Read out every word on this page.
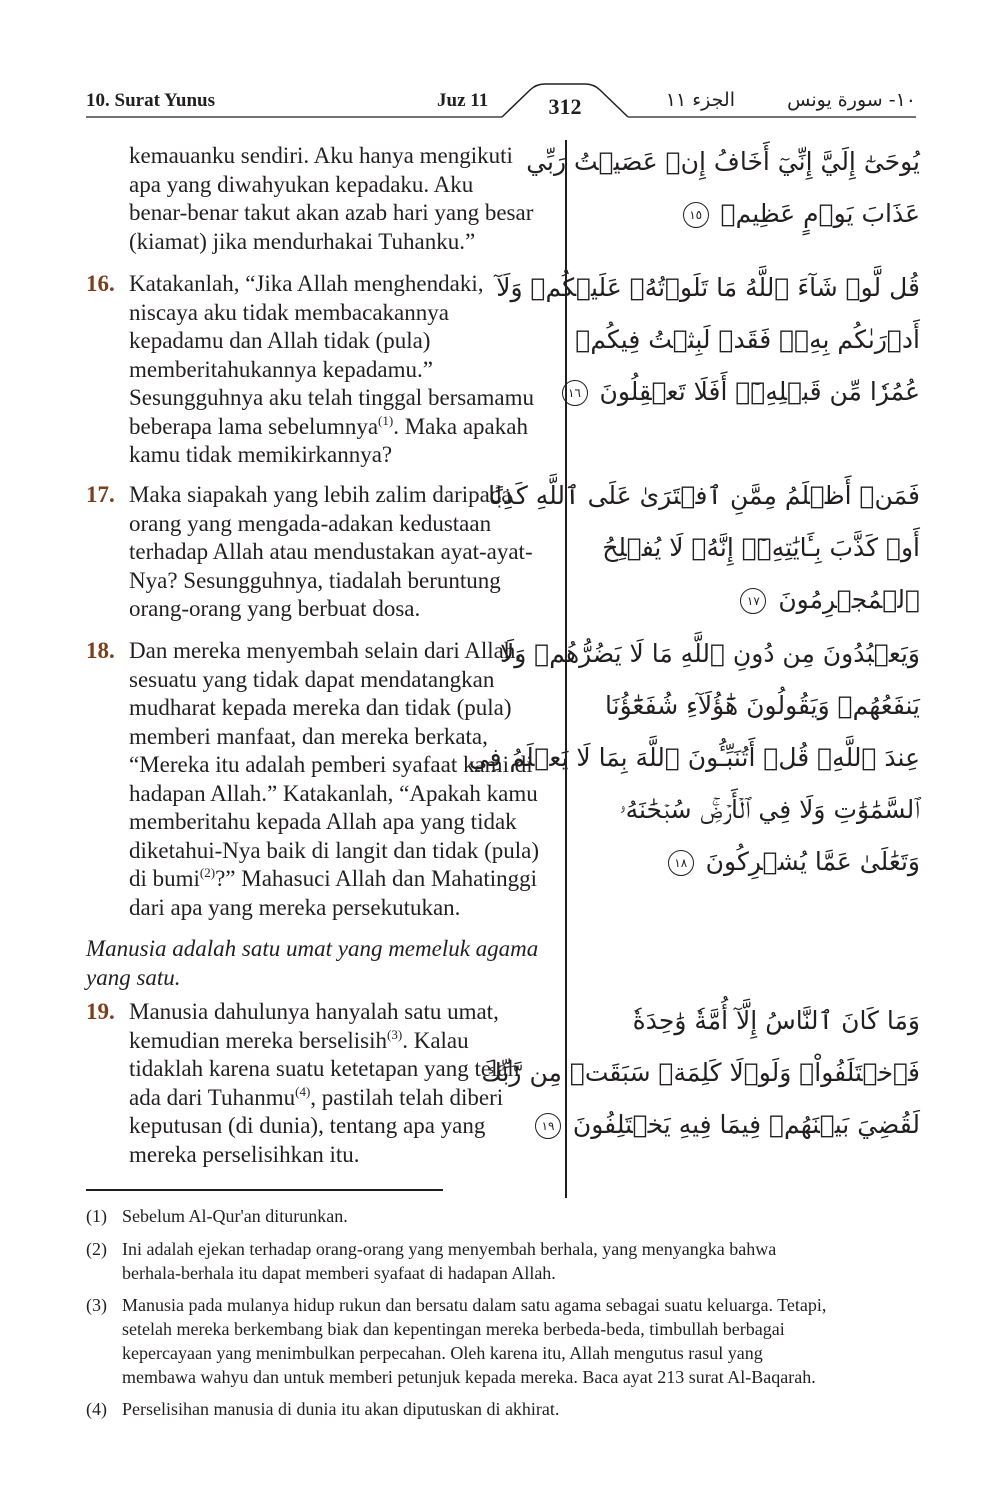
10. Surat Yunus	Juz 11	312	الجزء ١١	١٠- سورة يونس

kemauanku sendiri. Aku hanya mengikuti

apa yang diwahyukan kepadaku. Aku

benar-benar takut akan azab hari yang besar

(kiamat) jika mendurhakai Tuhanku.”

يُوحَىٰٓ إِلَيَّ إِنِّيٓ أَخَافُ إِنۡ عَصَيۡتُ رَبِّي

عَذَابَ يَوۡمٍ عَظِيمٖ ١٥

16. Katakanlah, “Jika Allah menghendaki,

niscaya aku tidak membacakannya

kepadamu dan Allah tidak (pula)

memberitahukannya kepadamu.”

Sesungguhnya aku telah tinggal bersamamu

beberapa lama sebelumnya$^{(1)}$. Maka apakah

kamu tidak memikirkannya?

قُل لَّوۡ شَآءَ ٱللَّهُ مَا تَلَوۡتُهُۥ عَلَيۡكُمۡ وَلَآ

أَدۡرَىٰكُم بِهِۦۖ فَقَدۡ لَبِثۡتُ فِيكُمۡ

عُمُرٗا مِّن قَبۡلِهِۦٓۚ أَفَلَا تَعۡقِلُونَ ١٦

17. Maka siapakah yang lebih zalim daripada

orang yang mengada-adakan kedustaan

terhadap Allah atau mendustakan ayat-ayat-

Nya? Sesungguhnya, tiadalah beruntung

orang-orang yang berbuat dosa.

فَمَنۡ أَظۡلَمُ مِمَّنِ ٱفۡتَرَىٰ عَلَى ٱللَّهِ كَذِبًا

أَوۡ كَذَّبَ بِـَٔايَٰتِهِۦٓۚ إِنَّهُۥ لَا يُفۡلِحُ

ٱلۡمُجۡرِمُونَ ١٧

18. Dan mereka menyembah selain dari Allah,

sesuatu yang tidak dapat mendatangkan

mudharat kepada mereka dan tidak (pula)

memberi manfaat, dan mereka berkata,

“Mereka itu adalah pemberi syafaat kami di

hadapan Allah.” Katakanlah, “Apakah kamu

memberitahu kepada Allah apa yang tidak

diketahui-Nya baik di langit dan tidak (pula)

di bumi$^{(2)}$?” Mahasuci Allah dan Mahatinggi

dari apa yang mereka persekutukan.

وَيَعۡبُدُونَ مِن دُونِ ٱللَّهِ مَا لَا يَضُرُّهُمۡ وَلَا

يَنفَعُهُمۡ وَيَقُولُونَ هَٰٓؤُلَآءِ شُفَعَٰٓؤُنَا

عِندَ ٱللَّهِۚ قُلۡ أَتُنَبِّـُٔونَ ٱللَّهَ بِمَا لَا يَعۡلَمُ فِي

ٱلسَّمَٰوَٰتِ وَلَا فِي ٱلۡأَرۡضِۚ سُبۡحَٰنَهُۥ

وَتَعَٰلَىٰ عَمَّا يُشۡرِكُونَ ١٨

Manusia adalah satu umat yang memeluk agama
yang satu.
19. Manusia dahulunya hanyalah satu umat,

kemudian mereka berselisih$^{(3)}$. Kalau

tidaklah karena suatu ketetapan yang telah

ada dari Tuhanmu$^{(4)}$, pastilah telah diberi

keputusan (di dunia), tentang apa yang

mereka perselisihkan itu.

وَمَا كَانَ ٱلنَّاسُ إِلَّآ أُمَّةٗ وَٰحِدَةٗ

فَٱخۡتَلَفُواْۚ وَلَوۡلَا كَلِمَةٞ سَبَقَتۡ مِن رَّبِّكَ

لَقُضِيَ بَيۡنَهُمۡ فِيمَا فِيهِ يَخۡتَلِفُونَ ١٩

(1) Sebelum Al-Qur'an diturunkan.

(2) Ini adalah ejekan terhadap orang-orang yang menyembah berhala, yang menyangka bahwa

berhala-berhala itu dapat memberi syafaat di hadapan Allah.

(3) Manusia pada mulanya hidup rukun dan bersatu dalam satu agama sebagai suatu keluarga. Tetapi,

setelah mereka berkembang biak dan kepentingan mereka berbeda-beda, timbullah berbagai

kepercayaan yang menimbulkan perpecahan. Oleh karena itu, Allah mengutus rasul yang

membawa wahyu dan untuk memberi petunjuk kepada mereka. Baca ayat 213 surat Al-Baqarah.

(4) Perselisihan manusia di dunia itu akan diputuskan di akhirat.
